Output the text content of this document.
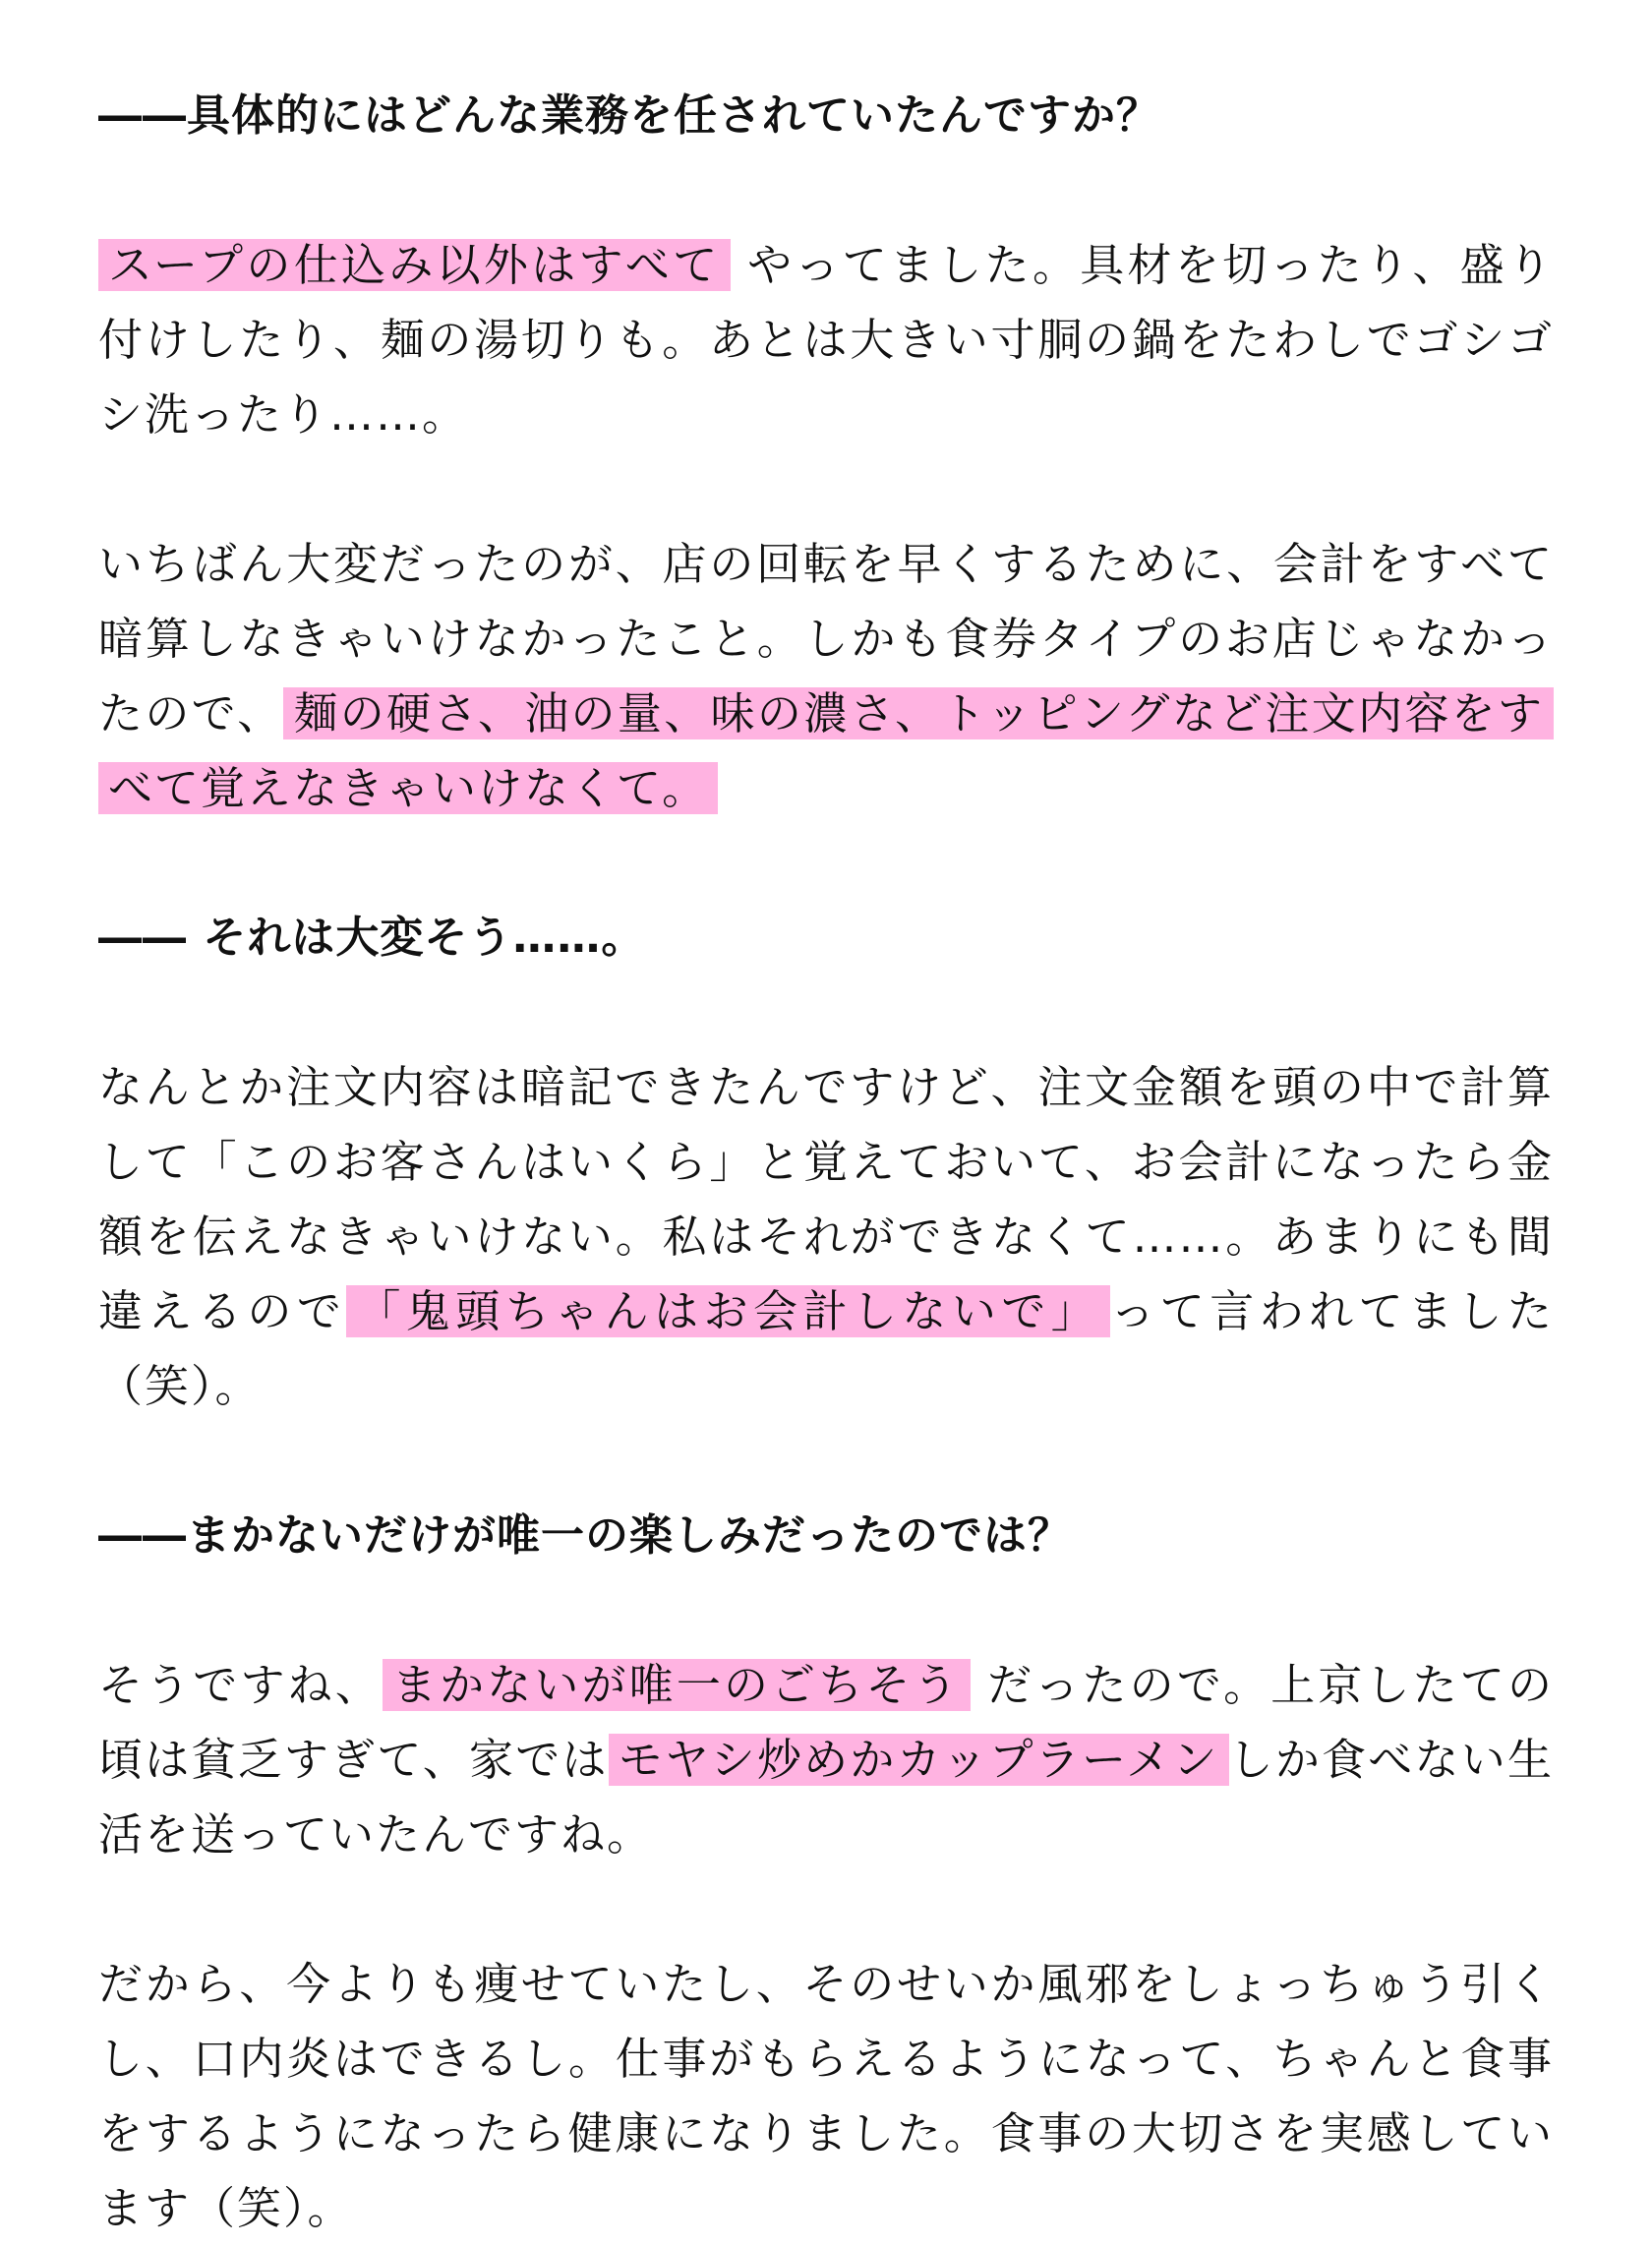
――具体的にはどんな業務を任されていたんですか？

スープの仕込み以外はすべて やってました。具材を切ったり、盛り付けしたり、麺の湯切りも。あとは大きい寸胴の鍋をたわしでゴシゴシ洗ったり……。

いちばん大変だったのが、店の回転を早くするために、会計をすべて暗算しなきゃいけなかったこと。しかも食券タイプのお店じゃなかったので、 麺の硬さ、油の量、味の濃さ、トッピングなど注文内容をすべて覚えなきゃいけなくて。

―― それは大変そう……。

なんとか注文内容は暗記できたんですけど、注文金額を頭の中で計算して「このお客さんはいくら」と覚えておいて、お会計になったら金額を伝えなきゃいけない。私はそれができなくて……。あまりにも間違えるので 「鬼頭ちゃんはお会計しないで」 って言われてました（笑）。

――まかないだけが唯一の楽しみだったのでは？

そうですね、 まかないが唯一のごちそう だったので。上京したての頃は貧乏すぎて、家では モヤシ炒めかカップラーメン しか食べない生活を送っていたんですね。

だから、今よりも痩せていたし、そのせいか風邪をしょっちゅう引くし、口内炎はできるし。仕事がもらえるようになって、ちゃんと食事をするようになったら健康になりました。食事の大切さを実感しています（笑）。
